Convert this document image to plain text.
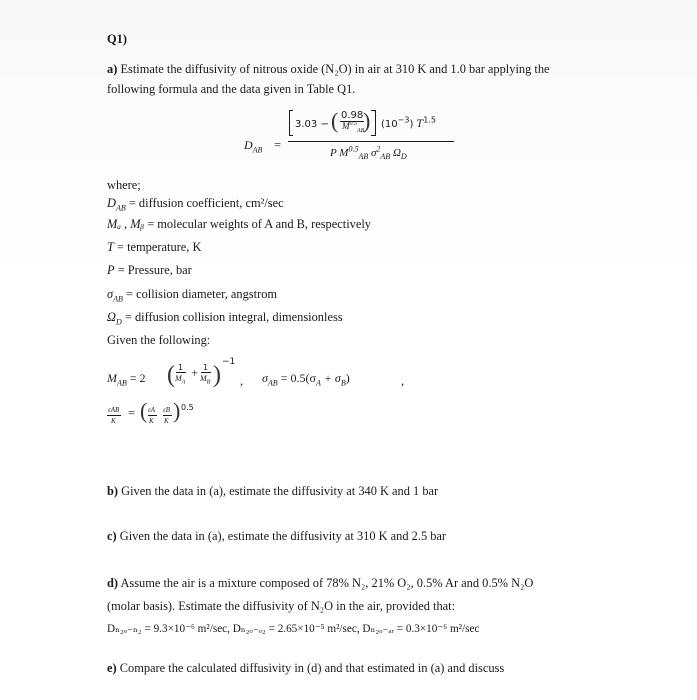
Q1)
a) Estimate the diffusivity of nitrous oxide (N₂O) in air at 310 K and 1.0 bar applying the
following formula and the data given in Table Q1.
$D_{AB}$ =
3.03 − ( 0.98
$M^{0.5}_{AB}$
) $(10^{-3})$ $T^{1.5}$
P $M^{0.5}_{AB}$ $\sigma^2_{AB}$ $\Omega_D$
where;
$D_{AB}$ = diffusion coefficient, cm²/sec
Mₐ , Mᵦ = molecular weights of A and B, respectively
T = temperature, K
P = Pressure, bar
$\sigma_{AB}$ = collision diameter, angstrom
$\Omega_D$ = diffusion collision integral, dimensionless
Given the following:
$M_{AB} = 2$ ( 1
$M_A$
+ 1
$M_B$ ) −1
, $\sigma_{AB} = 0.5(\sigma_A + \sigma_B)$	,
εAB
K
= ( εA
K
εB
K ) 0.5
b) Given the data in (a), estimate the diffusivity at 340 K and 1 bar
c) Given the data in (a), estimate the diffusivity at 310 K and 2.5 bar
d) Assume the air is a mixture composed of 78% N₂, 21% O₂, 0.5% Ar and 0.5% N₂O
(molar basis). Estimate the diffusivity of N₂O in the air, provided that:
Dₙ₂ₒ₋ₙ₂ = 9.3×10⁻⁶ m²/sec, Dₙ₂ₒ₋ₒ₂ = 2.65×10⁻⁵ m²/sec, Dₙ₂ₒ₋ₐᵣ = 0.3×10⁻⁶ m²/sec
e) Compare the calculated diffusivity in (d) and that estimated in (a) and discuss
